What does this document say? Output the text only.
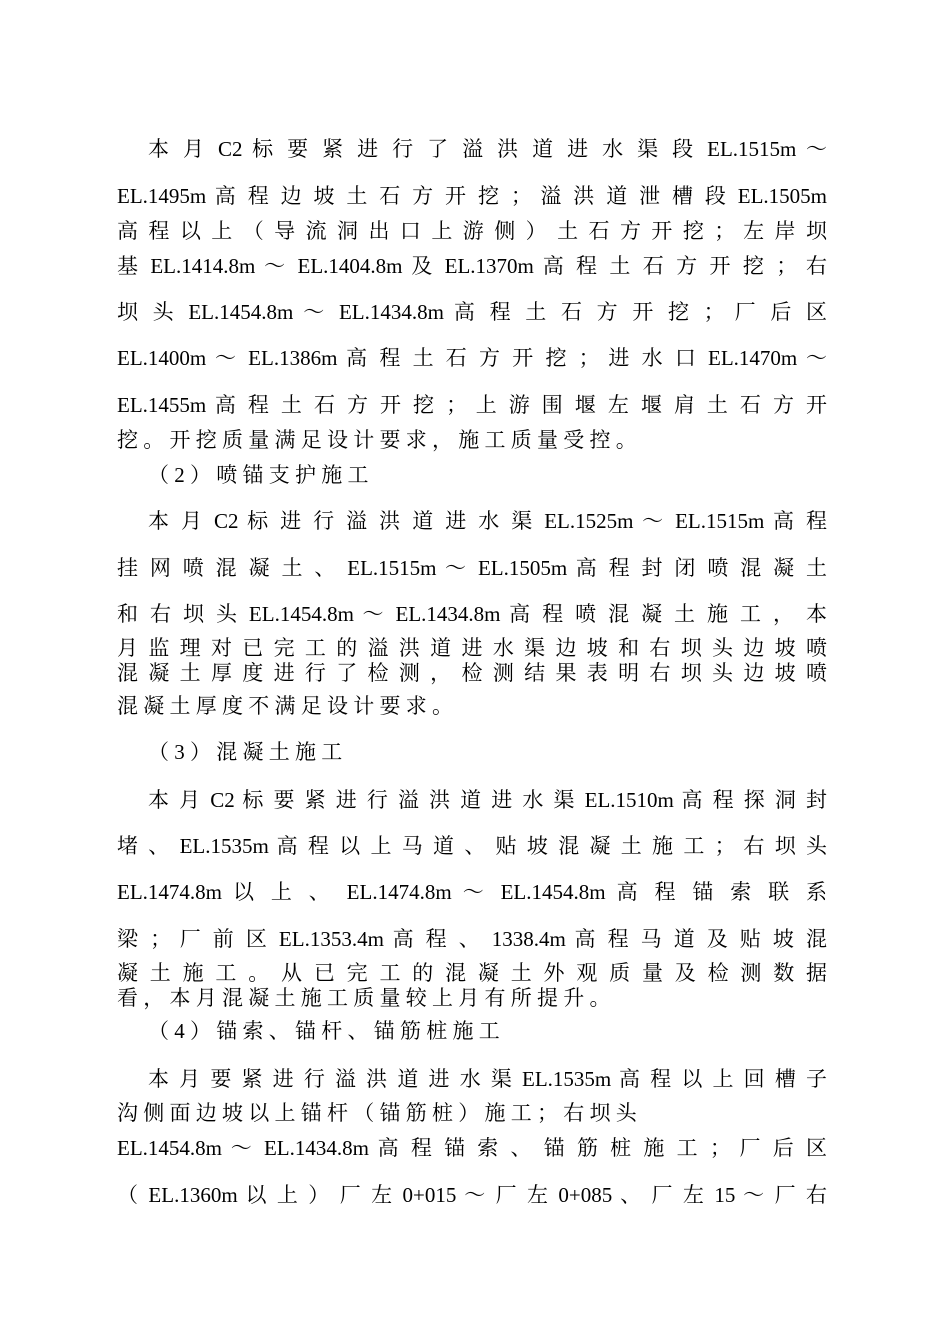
本 月 C2 标 要 紧 进 行 了 溢 洪 道 进 水 渠 段 EL.1515m ～
EL.1495m 高 程 边 坡 土 石 方 开 挖 ； 溢 洪 道 泄 槽 段 EL.1505m
高 程 以 上 （ 导 流 洞 出 口 上 游 侧 ） 土 石 方 开 挖 ； 左 岸 坝
基 EL.1414.8m ～ EL.1404.8m 及 EL.1370m 高 程 土 石 方 开 挖 ； 右
坝 头 EL.1454.8m ～ EL.1434.8m 高 程 土 石 方 开 挖 ； 厂 后 区
EL.1400m ～ EL.1386m 高 程 土 石 方 开 挖 ； 进 水 口 EL.1470m ～
EL.1455m 高 程 土 石 方 开 挖 ； 上 游 围 堰 左 堰 肩 土 石 方 开
挖 。 开 挖 质 量 满 足 设 计 要 求 ， 施 工 质 量 受 控 。
（ 2 ） 喷 锚 支 护 施 工
本 月 C2 标 进 行 溢 洪 道 进 水 渠 EL.1525m ～ EL.1515m 高 程
挂 网 喷 混 凝 土 、 EL.1515m ～ EL.1505m 高 程 封 闭 喷 混 凝 土
和 右 坝 头 EL.1454.8m ～ EL.1434.8m 高 程 喷 混 凝 土 施 工 ， 本
月 监 理 对 已 完 工 的 溢 洪 道 进 水 渠 边 坡 和 右 坝 头 边 坡 喷
混 凝 土 厚 度 进 行 了 检 测 ， 检 测 结 果 表 明 右 坝 头 边 坡 喷
混 凝 土 厚 度 不 满 足 设 计 要 求 。
（ 3 ） 混 凝 土 施 工
本 月 C2 标 要 紧 进 行 溢 洪 道 进 水 渠 EL.1510m 高 程 探 洞 封
堵 、 EL.1535m 高 程 以 上 马 道 、 贴 坡 混 凝 土 施 工 ； 右 坝 头
EL.1474.8m 以 上 、 EL.1474.8m ～ EL.1454.8m 高 程 锚 索 联 系
梁 ； 厂 前 区 EL.1353.4m 高 程 、 1338.4m 高 程 马 道 及 贴 坡 混
凝 土 施 工 。 从 已 完 工 的 混 凝 土 外 观 质 量 及 检 测 数 据
看 ， 本 月 混 凝 土 施 工 质 量 较 上 月 有 所 提 升 。
（ 4 ） 锚 索 、 锚 杆 、 锚 筋 桩 施 工
本 月 要 紧 进 行 溢 洪 道 进 水 渠 EL.1535m 高 程 以 上 回 槽 子
沟 侧 面 边 坡 以 上 锚 杆 （ 锚 筋 桩 ） 施 工 ； 右 坝 头
EL.1454.8m ～ EL.1434.8m 高 程 锚 索 、 锚 筋 桩 施 工 ； 厂 后 区
（ EL.1360m 以 上 ） 厂 左 0+015 ～ 厂 左 0+085 、 厂 左 15 ～ 厂 右
